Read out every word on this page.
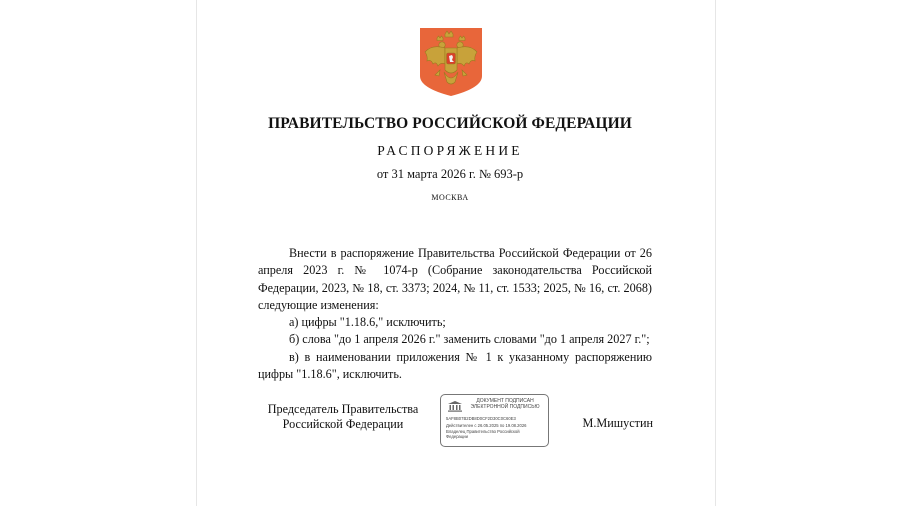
ПРАВИТЕЛЬСТВО РОССИЙСКОЙ ФЕДЕРАЦИИ
РАСПОРЯЖЕНИЕ
от 31 марта 2026 г. № 693-р
МОСКВА

Внести в распоряжение Правительства Российской Федерации от 26 апреля 2023 г. № 1074-р (Собрание законодательства Российской Федерации, 2023, № 18, ст. 3373; 2024, № 11, ст. 1533; 2025, № 16, ст. 2068) следующие изменения:

а) цифры "1.18.6," исключить;

б) слова "до 1 апреля 2026 г." заменить словами "до 1 апреля 2027 г.";

в) в наименовании приложения № 1 к указанному распоряжению цифры "1.18.6", исключить.

Председатель Правительства
Российской Федерации
ДОКУМЕНТ ПОДПИСАН
ЭЛЕКТРОННОЙ ПОДПИСЬЮ
5AF8B07B2DB8D0CF2D30C0C60E3
Действителен с 26.05.2025 по 19.08.2026
Владелец Правительство Российской
Федерации
М.Мишустин
